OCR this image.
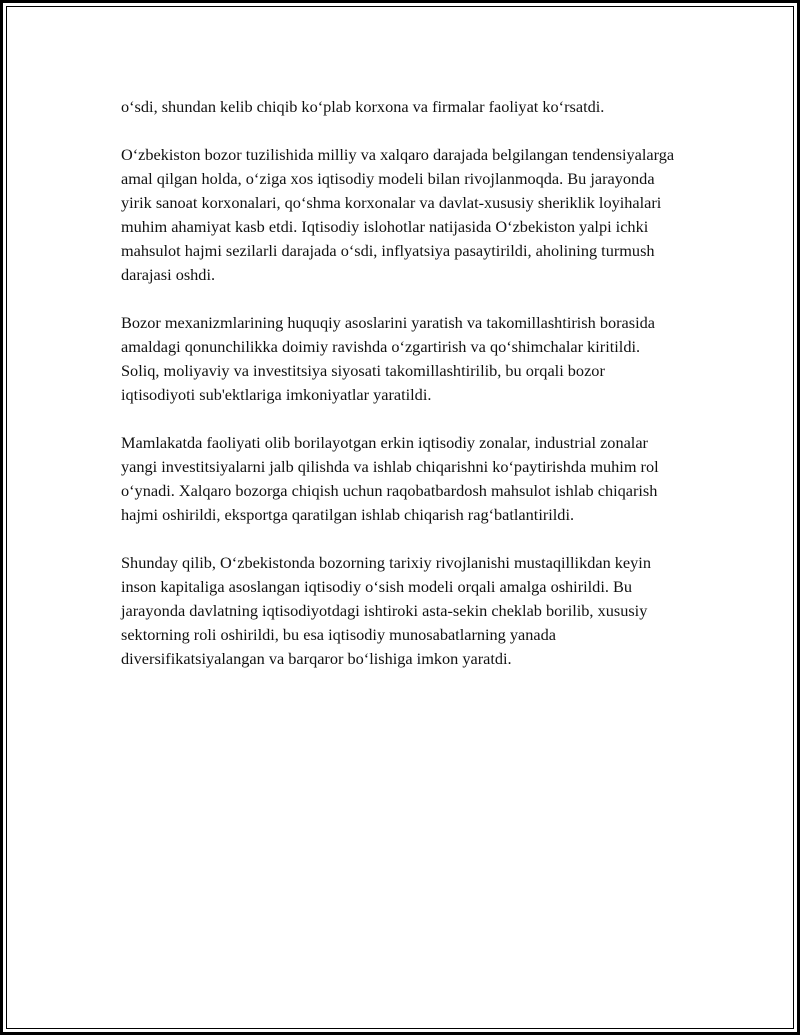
o‘sdi, shundan kelib chiqib ko‘plab korxona va firmalar faoliyat ko‘rsatdi.

O‘zbekiston bozor tuzilishida milliy va xalqaro darajada belgilangan tendensiyalarga amal qilgan holda, o‘ziga xos iqtisodiy modeli bilan rivojlanmoqda. Bu jarayonda yirik sanoat korxonalari, qo‘shma korxonalar va davlat-xususiy sheriklik loyihalari muhim ahamiyat kasb etdi. Iqtisodiy islohotlar natijasida O‘zbekiston yalpi ichki mahsulot hajmi sezilarli darajada o‘sdi, inflyatsiya pasaytirildi, aholining turmush darajasi oshdi.

Bozor mexanizmlarining huquqiy asoslarini yaratish va takomillashtirish borasida amaldagi qonunchilikka doimiy ravishda o‘zgartirish va qo‘shimchalar kiritildi. Soliq, moliyaviy va investitsiya siyosati takomillashtirilib, bu orqali bozor iqtisodiyoti sub'ektlariga imkoniyatlar yaratildi.

Mamlakatda faoliyati olib borilayotgan erkin iqtisodiy zonalar, industrial zonalar yangi investitsiyalarni jalb qilishda va ishlab chiqarishni ko‘paytirishda muhim rol o‘ynadi. Xalqaro bozorga chiqish uchun raqobatbardosh mahsulot ishlab chiqarish hajmi oshirildi, eksportga qaratilgan ishlab chiqarish rag‘batlantirildi.

Shunday qilib, O‘zbekistonda bozorning tarixiy rivojlanishi mustaqillikdan keyin inson kapitaliga asoslangan iqtisodiy o‘sish modeli orqali amalga oshirildi. Bu jarayonda davlatning iqtisodiyotdagi ishtiroki asta-sekin cheklab borilib, xususiy sektorning roli oshirildi, bu esa iqtisodiy munosabatlarning yanada diversifikatsiyalangan va barqaror bo‘lishiga imkon yaratdi.
